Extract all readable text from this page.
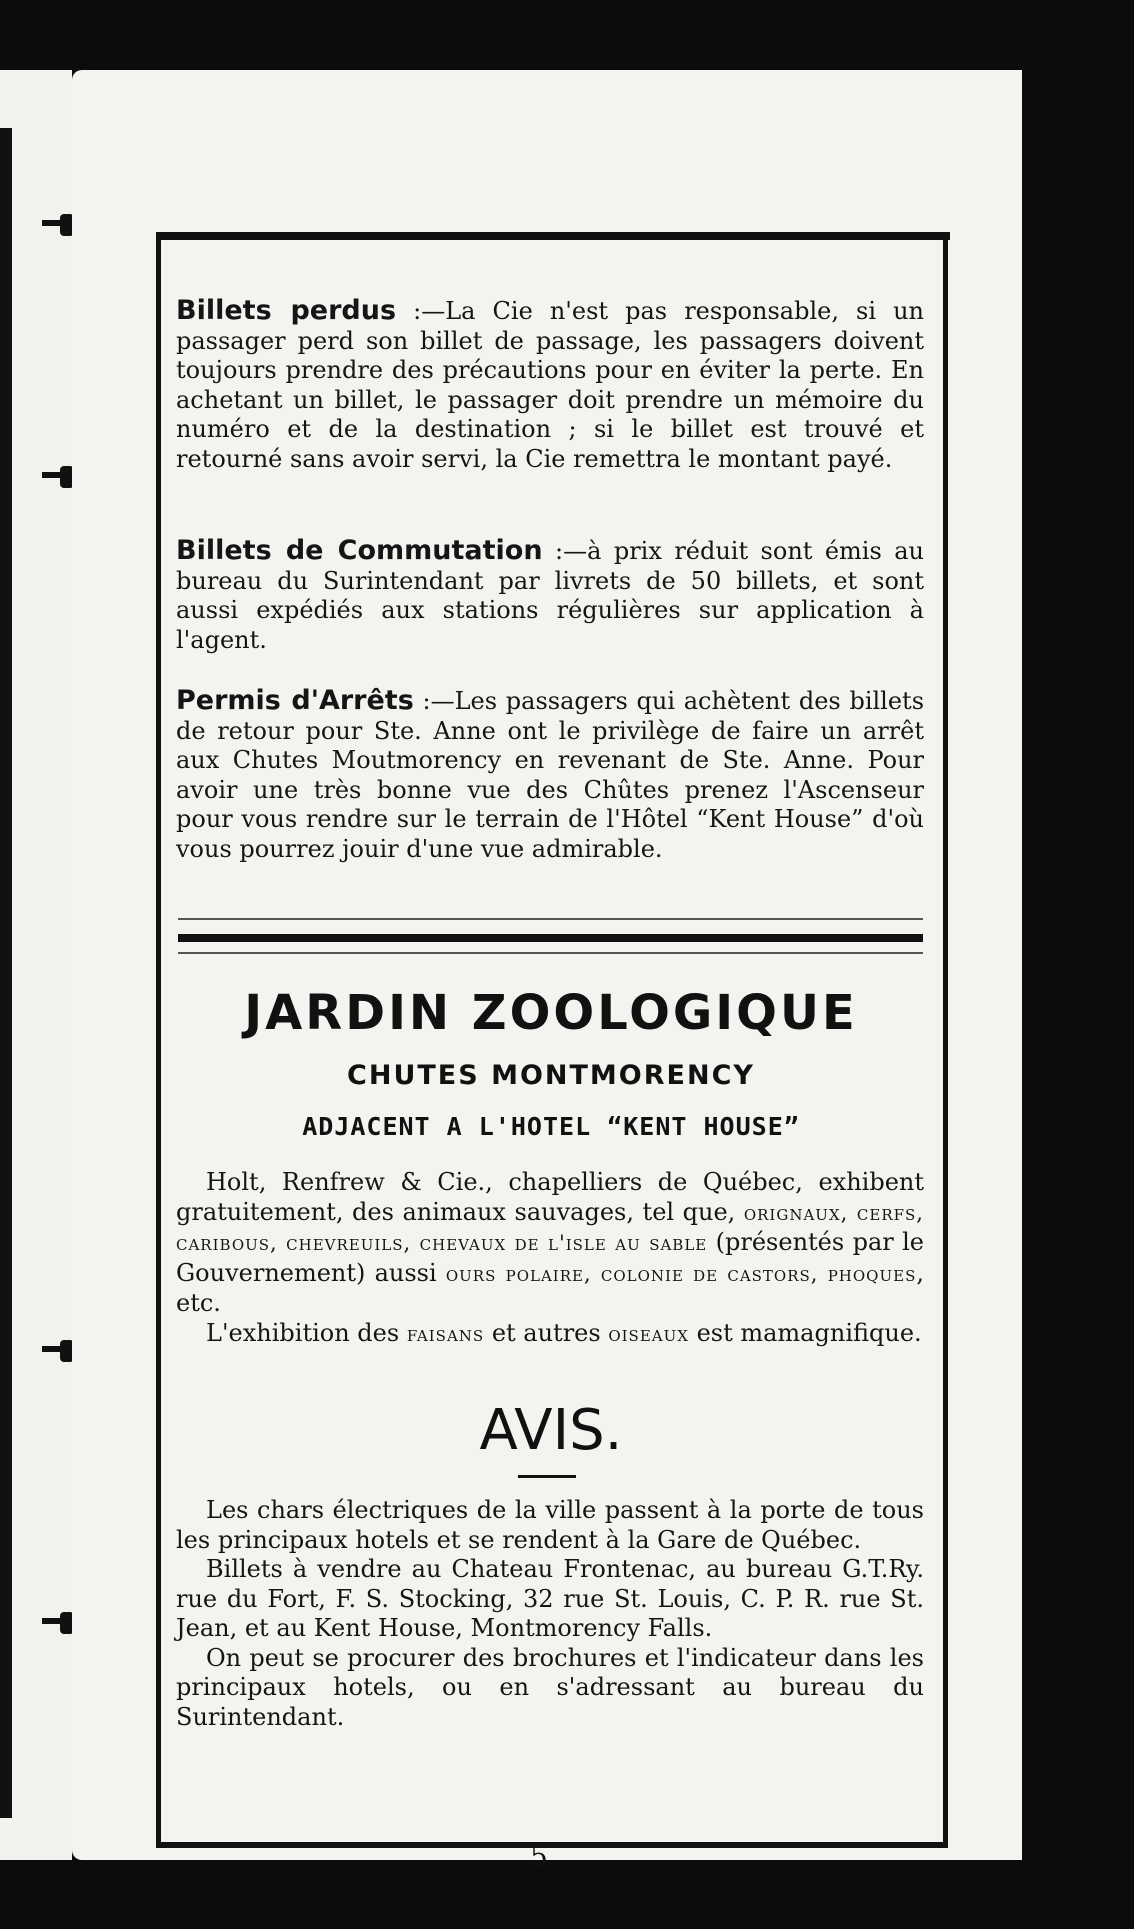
Billets perdus :—La Cie n'est pas responsable, si un passager perd son billet de passage, les passagers doivent toujours prendre des précautions pour en éviter la perte. En achetant un billet, le passager doit prendre un mémoire du numéro et de la destination ; si le billet est trouvé et retourné sans avoir servi, la Cie remettra le montant payé.
Billets de Commutation :—à prix réduit sont émis au bureau du Surintendant par livrets de 50 billets, et sont aussi expédiés aux stations régulières sur application à l'agent.
Permis d'Arrêts :—Les passagers qui achètent des billets de retour pour Ste. Anne ont le privilège de faire un arrêt aux Chutes Moutmorency en revenant de Ste. Anne. Pour avoir une très bonne vue des Chûtes prenez l'Ascenseur pour vous rendre sur le terrain de l'Hôtel “Kent House” d'où vous pourrez jouir d'une vue admirable.
JARDIN ZOOLOGIQUE
CHUTES MONTMORENCY
ADJACENT A L'HOTEL “KENT HOUSE”

Holt, Renfrew & Cie., chapelliers de Québec, exhibent gratuitement, des animaux sauvages, tel que, orignaux, cerfs, caribous, chevreuils, chevaux de l'isle au sable (présentés par le Gouvernement) aussi ours polaire, colonie de castors, phoques, etc.

L'exhibition des faisans et autres oiseaux est mamagnifique.

AVIS.

Les chars électriques de la ville passent à la porte de tous les principaux hotels et se rendent à la Gare de Québec.

Billets à vendre au Chateau Frontenac, au bureau G.T.Ry. rue du Fort, F. S. Stocking, 32 rue St. Louis, C. P. R. rue St. Jean, et au Kent House, Montmorency Falls.

On peut se procurer des brochures et l'indicateur dans les principaux hotels, ou en s'adressant au bureau du Surintendant.

5
